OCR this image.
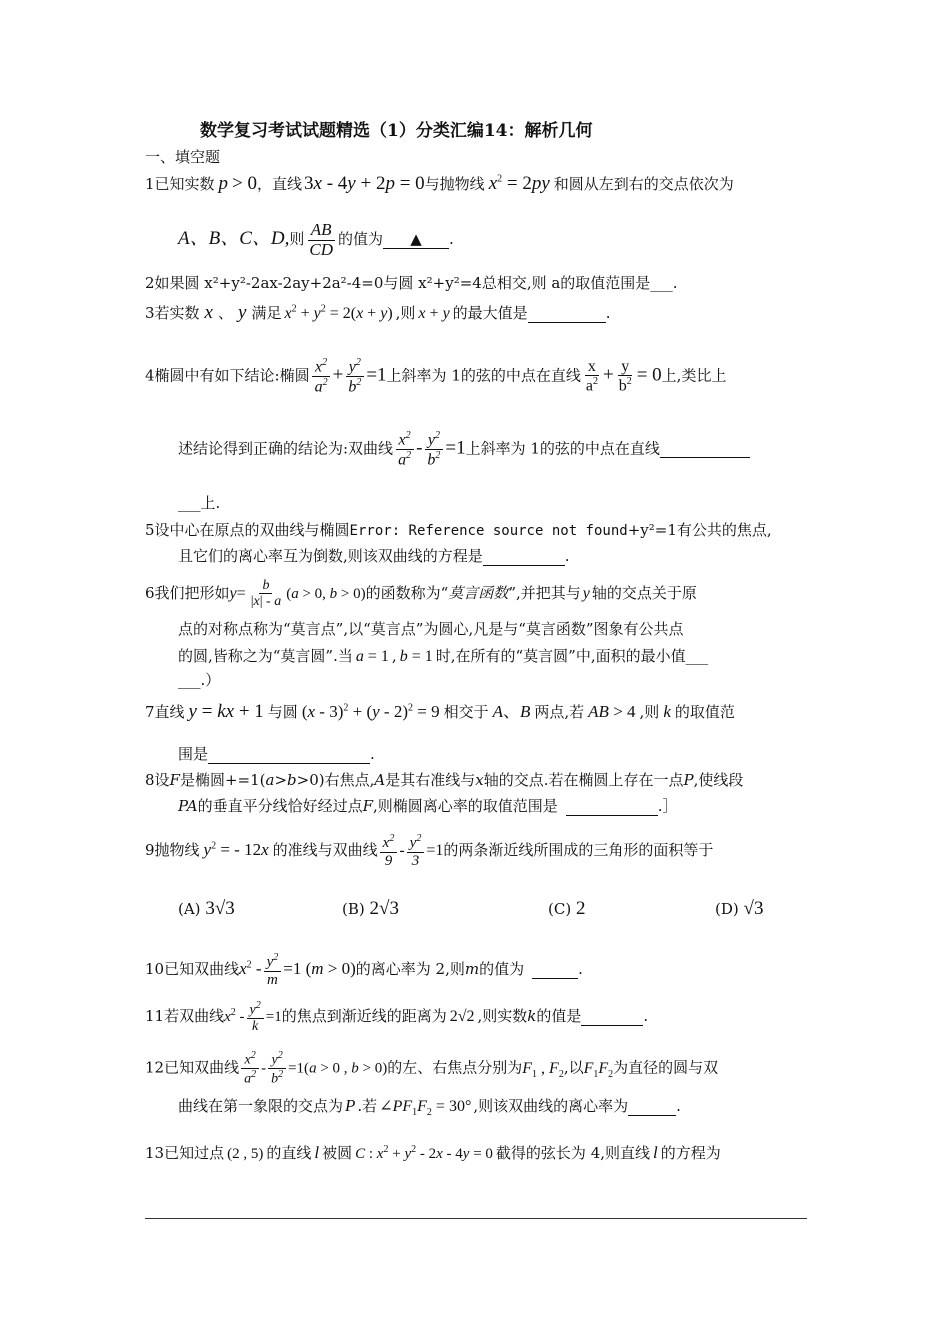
数学复习考试试题精选（1）分类汇编14：解析几何
一、填空题
1已知实数 p > 0，直线 3x - 4y + 2p = 0与抛物线 $x^2 = 2py$ 和圆从左到右的交点依次为
A、B、C、D,则 $\frac{AB}{CD}$ 的值为 ▲ .
2如果圆 x²+y²-2ax-2ay+2a²-4=0与圆 x²+y²=4总相交,则 a的取值范围是___.
3若实数 x 、 y 满足 $x^2 + y^2 = 2(x + y)$ ,则 x + y 的最大值是	.
4椭圆中有如下结论:椭圆 $\frac{x^2}{a^2} + \frac{y^2}{b^2} =1$上斜率为 1的弦的中点在直线 $\frac{x}{a^2} + \frac{y}{b^2} = 0$上,类比上
述结论得到正确的结论为:双曲线 $\frac{x^2}{a^2} - \frac{y^2}{b^2} =1$上斜率为 1的弦的中点在直线
___上.
5设中心在原点的双曲线与椭圆Error: Reference source not found+y²=1有公共的焦点,
且它们的离心率互为倒数,则该双曲线的方程是	.
6我们把形如$y= \frac{b}{|x| - a} (a > 0$, b > 0)的函数称为“莫言函数”,并把其与 y 轴的交点关于原
点的对称点称为“莫言点”,以“莫言点”为圆心,凡是与“莫言函数”图象有公共点
的圆,皆称之为“莫言圆”.当 a = 1 , b = 1 时,在所有的“莫言圆”中,面积的最小值___
___.）
7直线 y = kx + 1 与圆 (x - 3)$^2$ + (y - 2)$^2$ = 9 相交于 A、B 两点,若 AB > 4 ,则 k 的取值范
围是	.
8设F是椭圆+=1(a>b>0)右焦点,A是其右准线与x轴的交点.若在椭圆上存在一点P,使线段
PA的垂直平分线恰好经过点F,则椭圆离心率的取值范围是	.］
9抛物线 $y^2$ = - 12x 的准线与双曲线 $\frac{x^2}{9} - \frac{y^2}{3} =1$的两条渐近线所围成的三角形的面积等于
(A) 3√3	(B) 2√3	(C) 2	(D) √3
10已知双曲线$x^2 - \frac{y^2}{m} =1$ (m > 0)的离心率为 2,则m的值为	.
11若双曲线$x^2 - \frac{y^2}{k} =1$的焦点到渐近线的距离为 2√2 ,则实数k的值是	.
12已知双曲线 $\frac{x^2}{a^2} - \frac{y^2}{b^2} =1(a > 0$ , b > 0)的左、右焦点分别为$F_1$ , $F_2$,以$F_1F_2$为直径的圆与双
曲线在第一象限的交点为 P .若 $\angle PF_1F_2 = 30^\circ$ ,则该双曲线的离心率为	.
13已知过点 (2 , 5) 的直线 l 被圆 C : $x^2 + y^2 - 2x - 4y = 0$ 截得的弦长为 4,则直线 l 的方程为
